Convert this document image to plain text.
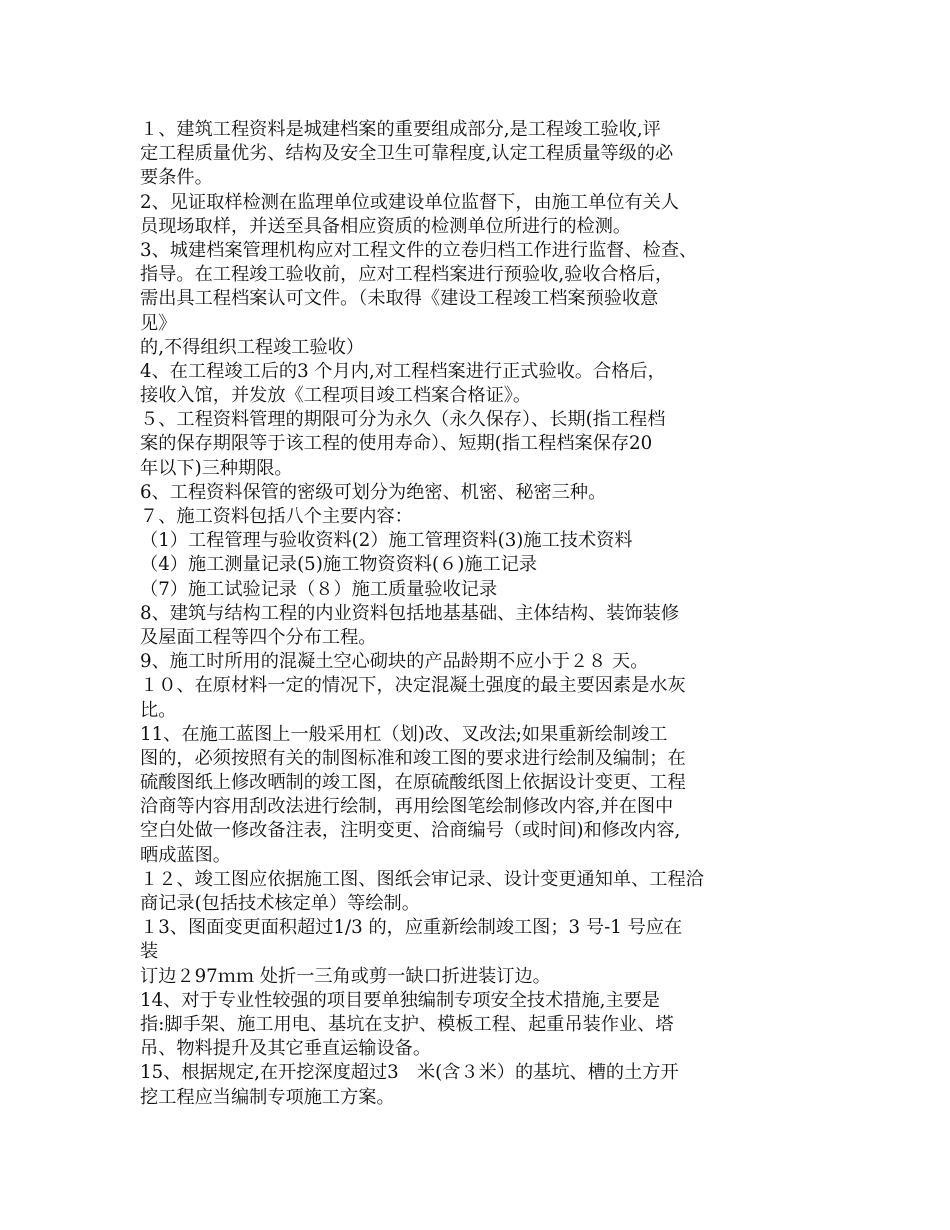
１、建筑工程资料是城建档案的重要组成部分,是工程竣工验收,评
定工程质量优劣、结构及安全卫生可靠程度,认定工程质量等级的必
要条件。
2、见证取样检测在监理单位或建设单位监督下，由施工单位有关人
员现场取样，并送至具备相应资质的检测单位所进行的检测。
3、城建档案管理机构应对工程文件的立卷归档工作进行监督、检查、
指导。在工程竣工验收前，应对工程档案进行预验收,验收合格后，
需出具工程档案认可文件。（未取得《建设工程竣工档案预验收意
见》
的,不得组织工程竣工验收）
4、在工程竣工后的3 个月内,对工程档案进行正式验收。合格后，
接收入馆，并发放《工程项目竣工档案合格证》。
５、工程资料管理的期限可分为永久（永久保存）、长期(指工程档
案的保存期限等于该工程的使用寿命）、短期(指工程档案保存20
年以下)三种期限。
6、工程资料保管的密级可划分为绝密、机密、秘密三种。
７、施工资料包括八个主要内容：
（1）工程管理与验收资料(2）施工管理资料(3)施工技术资料
（4）施工测量记录(5)施工物资资料(６)施工记录
（7）施工试验记录（８）施工质量验收记录
8、建筑与结构工程的内业资料包括地基基础、主体结构、装饰装修
及屋面工程等四个分布工程。
9、施工时所用的混凝土空心砌块的产品龄期不应小于２８ 天。
１０、在原材料一定的情况下，决定混凝土强度的最主要因素是水灰
比。
11、在施工蓝图上一般采用杠（划)改、叉改法;如果重新绘制竣工
图的，必须按照有关的制图标准和竣工图的要求进行绘制及编制；在
硫酸图纸上修改晒制的竣工图，在原硫酸纸图上依据设计变更、工程
洽商等内容用刮改法进行绘制，再用绘图笔绘制修改内容,并在图中
空白处做一修改备注表，注明变更、洽商编号（或时间)和修改内容,
晒成蓝图。
１２、竣工图应依据施工图、图纸会审记录、设计变更通知单、工程洽
商记录(包括技术核定单）等绘制。
１3、图面变更面积超过1/3 的，应重新绘制竣工图；3 号-1 号应在
装
订边２97ｍｍ 处折一三角或剪一缺口折进装订边。
14、对于专业性较强的项目要单独编制专项安全技术措施,主要是
指:脚手架、施工用电、基坑在支护、模板工程、起重吊装作业、塔
吊、物料提升及其它垂直运输设备。
15、根据规定,在开挖深度超过3　米(含３米）的基坑、槽的土方开
挖工程应当编制专项施工方案。
